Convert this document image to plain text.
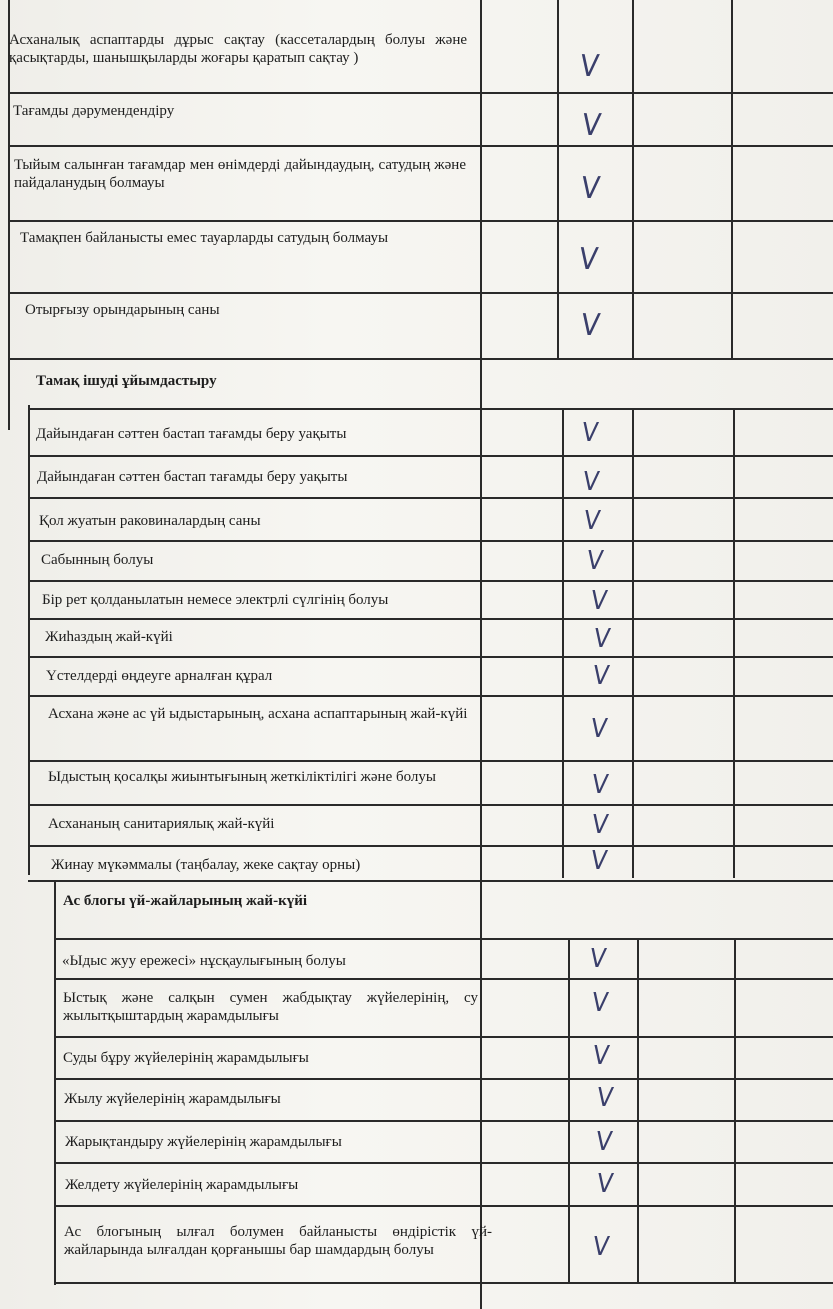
Асханалық аспаптарды дұрыс сақтау (кассеталардың болуы және қасықтарды, шанышқыларды жоғары қаратып сақтау )
Тағамды дәрумендендіру
Тыйым салынған тағамдар мен өнімдерді дайындаудың, сатудың және пайдаланудың болмауы
Тамақпен байланысты емес тауарларды сатудың болмауы
Отырғызу орындарының саны
V
V
V
V
V
Тамақ ішуді ұйымдастыру
Дайындаған сәттен бастап тағамды беру уақыты
Дайындаған сәттен бастап тағамды беру уақыты
Қол жуатын раковиналардың саны
Сабынның болуы
Бір рет қолданылатын немесе электрлі сүлгінің болуы
Жиһаздың жай-күйі
Үстелдерді өңдеуге арналған құрал
Асхана және ас үй ыдыстарының, асхана аспаптарының жай-күйі
Ыдыстың қосалқы жиынтығының жеткіліктілігі және болуы
Асхананың санитариялық жай-күйі
Жинау мүкәммалы (таңбалау, жеке сақтау орны)
V
V
V
V
V
V
V
V
V
V
V
Ас блогы үй-жайларының жай-күйі
«Ыдыс жуу ережесі» нұсқаулығының болуы
Ыстық және салқын сумен жабдықтау жүйелерінің, су жылытқыштардың жарамдылығы
Суды бұру жүйелерінің жарамдылығы
Жылу жүйелерінің жарамдылығы
Жарықтандыру жүйелерінің жарамдылығы
Желдету жүйелерінің жарамдылығы
Ас блогының ылғал болумен байланысты өндірістік үй-жайларында ылғалдан қорғанышы бар шамдардың болуы
V
V
V
V
V
V
V
